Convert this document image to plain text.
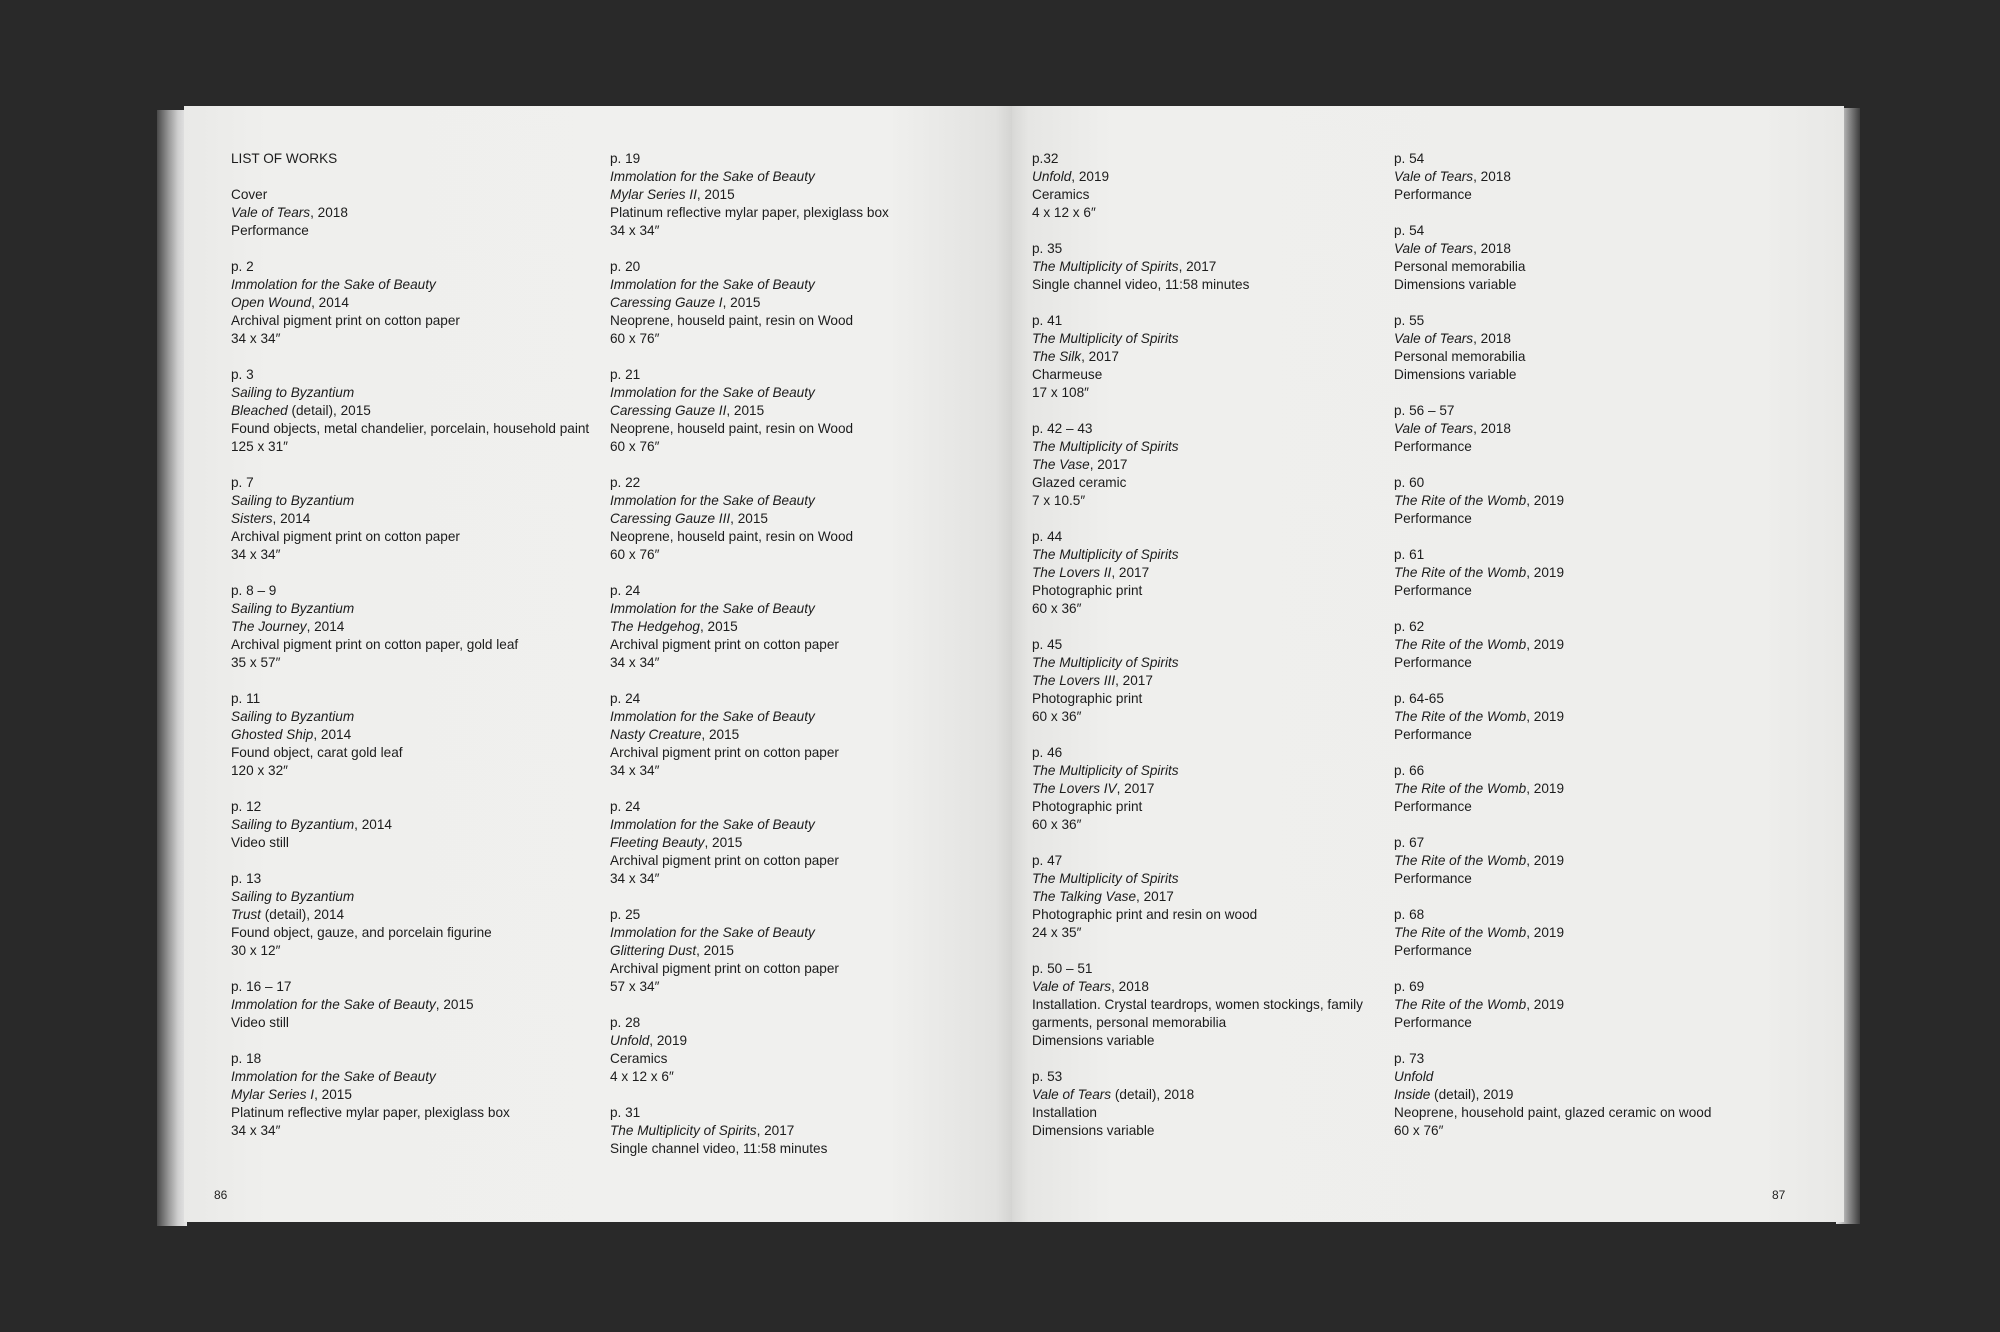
LIST OF WORKS
Cover
Vale of Tears, 2018
Performance
p. 2
Immolation for the Sake of Beauty
Open Wound, 2014
Archival pigment print on cotton paper
34 x 34″
p. 3
Sailing to Byzantium
Bleached (detail), 2015
Found objects, metal chandelier, porcelain, household paint
125 x 31″
p. 7
Sailing to Byzantium
Sisters, 2014
Archival pigment print on cotton paper
34 x 34″
p. 8 – 9
Sailing to Byzantium
The Journey, 2014
Archival pigment print on cotton paper, gold leaf
35 x 57″
p. 11
Sailing to Byzantium
Ghosted Ship, 2014
Found object, carat gold leaf
120 x 32″
p. 12
Sailing to Byzantium, 2014
Video still
p. 13
Sailing to Byzantium
Trust (detail), 2014
Found object, gauze, and porcelain figurine
30 x 12″
p. 16 – 17
Immolation for the Sake of Beauty, 2015
Video still
p. 18
Immolation for the Sake of Beauty
Mylar Series I, 2015
Platinum reflective mylar paper, plexiglass box
34 x 34″
p. 19
Immolation for the Sake of Beauty
Mylar Series II, 2015
Platinum reflective mylar paper, plexiglass box
34 x 34″
p. 20
Immolation for the Sake of Beauty
Caressing Gauze I, 2015
Neoprene, houseld paint, resin on Wood
60 x 76″
p. 21
Immolation for the Sake of Beauty
Caressing Gauze II, 2015
Neoprene, houseld paint, resin on Wood
60 x 76″
p. 22
Immolation for the Sake of Beauty
Caressing Gauze III, 2015
Neoprene, houseld paint, resin on Wood
60 x 76″
p. 24
Immolation for the Sake of Beauty
The Hedgehog, 2015
Archival pigment print on cotton paper
34 x 34″
p. 24
Immolation for the Sake of Beauty
Nasty Creature, 2015
Archival pigment print on cotton paper
34 x 34″
p. 24
Immolation for the Sake of Beauty
Fleeting Beauty, 2015
Archival pigment print on cotton paper
34 x 34″
p. 25
Immolation for the Sake of Beauty
Glittering Dust, 2015
Archival pigment print on cotton paper
57 x 34″
p. 28
Unfold, 2019
Ceramics
4 x 12 x 6″
p. 31
The Multiplicity of Spirits, 2017
Single channel video, 11:58 minutes
86
p.32
Unfold, 2019
Ceramics
4 x 12 x 6″
p. 35
The Multiplicity of Spirits, 2017
Single channel video, 11:58 minutes
p. 41
The Multiplicity of Spirits
The Silk, 2017
Charmeuse
17 x 108″
p. 42 – 43
The Multiplicity of Spirits
The Vase, 2017
Glazed ceramic
7 x 10.5″
p. 44
The Multiplicity of Spirits
The Lovers II, 2017
Photographic print
60 x 36″
p. 45
The Multiplicity of Spirits
The Lovers III, 2017
Photographic print
60 x 36″
p. 46
The Multiplicity of Spirits
The Lovers IV, 2017
Photographic print
60 x 36″
p. 47
The Multiplicity of Spirits
The Talking Vase, 2017
Photographic print and resin on wood
24 x 35″
p. 50 – 51
Vale of Tears, 2018
Installation. Crystal teardrops, women stockings, family garments, personal memorabilia
Dimensions variable
p. 53
Vale of Tears (detail), 2018
Installation
Dimensions variable
p. 54
Vale of Tears, 2018
Performance
p. 54
Vale of Tears, 2018
Personal memorabilia
Dimensions variable
p. 55
Vale of Tears, 2018
Personal memorabilia
Dimensions variable
p. 56 – 57
Vale of Tears, 2018
Performance
p. 60
The Rite of the Womb, 2019
Performance
p. 61
The Rite of the Womb, 2019
Performance
p. 62
The Rite of the Womb, 2019
Performance
p. 64-65
The Rite of the Womb, 2019
Performance
p. 66
The Rite of the Womb, 2019
Performance
p. 67
The Rite of the Womb, 2019
Performance
p. 68
The Rite of the Womb, 2019
Performance
p. 69
The Rite of the Womb, 2019
Performance
p. 73
Unfold
Inside (detail), 2019
Neoprene, household paint, glazed ceramic on wood
60 x 76″
87
